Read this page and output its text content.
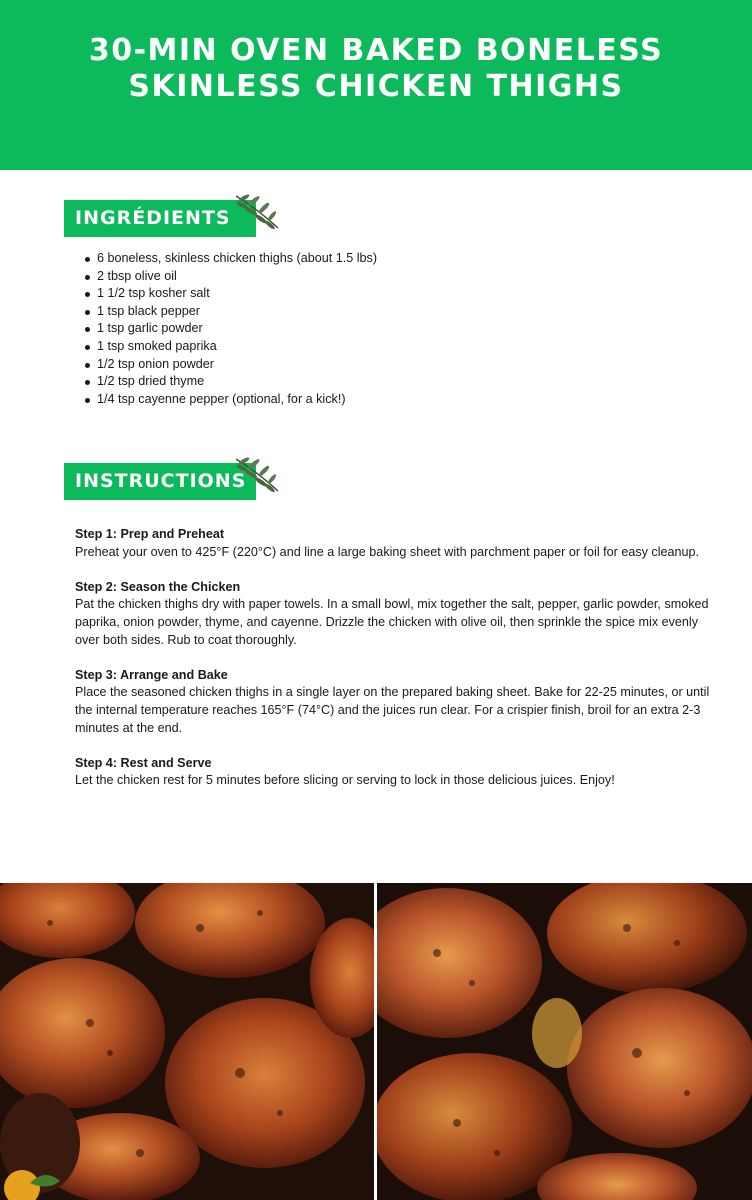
30-MIN OVEN BAKED BONELESS
SKINLESS CHICKEN THIGHS
INGRÉDIENTS
6 boneless, skinless chicken thighs (about 1.5 lbs)
2 tbsp olive oil
1 1/2 tsp kosher salt
1 tsp black pepper
1 tsp garlic powder
1 tsp smoked paprika
1/2 tsp onion powder
1/2 tsp dried thyme
1/4 tsp cayenne pepper (optional, for a kick!)
INSTRUCTIONS
Step 1: Prep and Preheat
Preheat your oven to 425°F (220°C) and line a large baking sheet with parchment paper or foil for easy cleanup.
Step 2: Season the Chicken
Pat the chicken thighs dry with paper towels. In a small bowl, mix together the salt, pepper, garlic powder, smoked paprika, onion powder, thyme, and cayenne. Drizzle the chicken with olive oil, then sprinkle the spice mix evenly over both sides. Rub to coat thoroughly.
Step 3: Arrange and Bake
Place the seasoned chicken thighs in a single layer on the prepared baking sheet. Bake for 22-25 minutes, or until the internal temperature reaches 165°F (74°C) and the juices run clear. For a crispier finish, broil for an extra 2-3 minutes at the end.
Step 4: Rest and Serve
Let the chicken rest for 5 minutes before slicing or serving to lock in those delicious juices. Enjoy!
